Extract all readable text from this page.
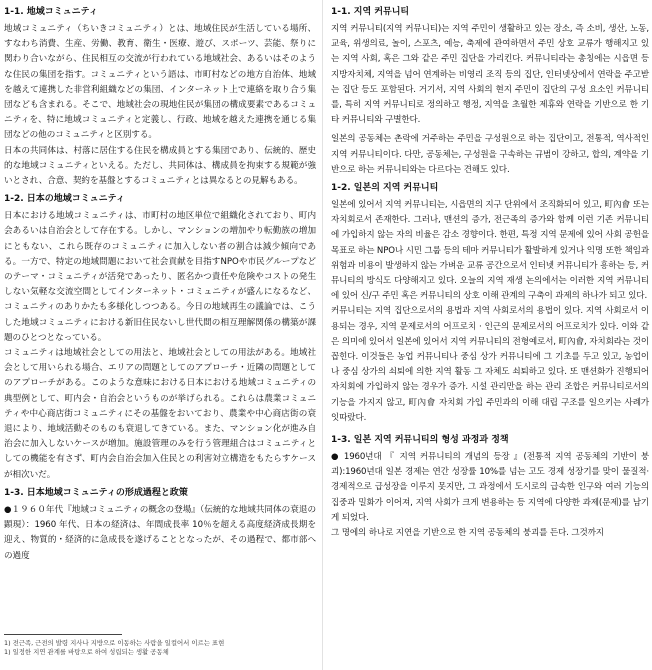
1-1. 地域コミュニティ

地域コミュニティ（ちいきコミュニティ）とは、地域住民が生活している場所、すなわち消費、生産、労働、教育、衛生・医療、遊び、スポーツ、芸能、祭りに関わり合いながら、住民相互の交流が行われている地域社会、あるいはそのような住民の集団を指す。コミュニティという語は、市町村などの地方自治体、地域を越えて連携した非営利組織などの集団、インターネット上で連絡を取り合う集団なども含まれる。そこで、地域社会の現地住民が集団の構成要素であるコミュニティを、特に地域コミュニティと定義し、行政、地域を越えた連携を通じる集団などの他のコミュニティと区別する。

日本の共同体は、村落に居住する住民を構成員とする集団であり、伝統的、歴史的な地域コミュニティといえる。ただし、共同体は、構成員を拘束する規範が強いとされ、合意、契約を基盤とするコミュニティとは異なるとの見解もある。

1-2. 日本の地域コミュニティ

日本における地域コミュニティは、市町村の地区単位で組織化されており、町内会あるいは自治会として存在する。しかし、マンションの増加やり転勤族の増加にともない、これら既存のコミュニティに加入しない者の割合は減少傾向である。一方で、特定の地域問題において社会貢献を目指すNPOや市民グループなどのテーマ・コミュニティが活発であったり、匿名かつ責任や危険やコストの発生しない気軽な交流空間としてインターネット・コミュニティが盛んになるなど、コミュニティのありかたも多様化しつつある。今日の地域再生の議論では、こうした地域コミュニティにおける新旧住民ないし世代間の相互理解関係の構築が課題のひとつとなっている。

コミュニティは地域社会としての用法と、地域社会としての用法がある。地域社会として用いられる場合、エリアの問題としてのアプローチ・近隣の問題としてのアプローチがある。このような意味における日本における地域コミュニティの典型例として、町内会・自治会というものが挙げられる。これらは農業コミュニティや中心商店街コミュニティにその基盤をおいており、農業や中心商店街の衰退により、地域活動そのものも衰退してきている。また、マンション化が進み自治会に加入しないケースが増加。施設管理のみを行う管理組合はコミュニティとしての機能を有さず、町内会自治会加入住民との利害対立構造をもたらすケースが相次いだ。

1-3. 日本地域コミュニティの形成過程と政策

●１９６０年代『地域コミュニティの概念の登場』（伝統的な地域共同体の衰退の顕現）：1960 年代、日本の経済は、年間成長率 10％を超える高度経済成長期を迎え、物質的・経済的に急成長を遂げることとなったが、その過程で、都市部への過度

1) 전근족, 근전의 발령 지사나 지방으로 이동하는 사람을 일컬어서 이르는 표현
1) 일정한 지연 관계를 바탕으로 하여 성립되는 생활 공동체
1-1. 지역 커뮤니티

지역 커뮤니티(지역 커뮤니티)는 지역 주민이 생활하고 있는 장소, 즉 소비, 생산, 노동, 교육, 위생의료, 놀이, 스포츠, 예능, 축제에 관여하면서 주민 상호 교류가 행해지고 있는 지역 사회, 혹은 그와 같은 주민 집단을 가리킨다. 커뮤니티라는 총칭에는 시읍면 등 지방자치체, 지역을 넘어 연계하는 비영리 조직 등의 집단, 인터넷상에서 연락을 주고받는 집단 등도 포함된다. 거기서, 지역 사회의 현지 주민이 집단의 구성 요소인 커뮤니티를, 특히 지역 커뮤니티로 정의하고 행정, 지역을 초월한 제휴와 연락을 기반으로 한 기타 커뮤니티와 구별한다.

일본의 공동체는 촌락에 거주하는 주민을 구성원으로 하는 집단이고, 전통적, 역사적인 지역 커뮤니티이다. 다만, 공동체는, 구성원을 구속하는 규범이 강하고, 합의, 계약을 기반으로 하는 커뮤니티와는 다르다는 견해도 있다.

1-2. 일본의 지역 커뮤니티

일본에 있어서 지역 커뮤니티는, 시읍면의 지구 단위에서 조직화되어 있고, 町內會 또는 자치회로서 존재한다. 그러나, 맨션의 증가, 전근족의 증가와 함께 이런 기존 커뮤니티에 가입하지 않는 자의 비율은 감소 경향이다. 한편, 특정 지역 문제에 있어 사회 공헌을 목표로 하는 NPO나 시민 그룹 등의 테마 커뮤니티가 활발하게 있거나 익명 또한 책임과 위험과 비용이 발생하지 않는 가벼운 교류 공간으로서 인터넷 커뮤니티가 흥하는 등, 커뮤니티의 방식도 다양해지고 있다. 오늘의 지역 재생 논의에서는 이러한 지역 커뮤니티에 있어 신/구 주민 혹은 커뮤니티의 상호 이해 관계의 구축이 과제의 하나가 되고 있다.

커뮤니티는 지역 집단으로서의 용법과 지역 사회로서의 용법이 있다. 지역 사회로서 이용되는 경우, 지역 문제로서의 어프로치 · 인근의 문제로서의 어프로치가 있다. 이와 같은 의미에 있어서 일본에 있어서 지역 커뮤니티의 전형예로서, 町內會, 자치회라는 것이 꼽힌다. 이것들은 농업 커뮤니티나 중심 상가 커뮤니티에 그 기초를 두고 있고, 농업이나 중심 상가의 쇠퇴에 의한 지역 활동 그 자체도 쇠퇴하고 있다. 또 맨션화가 진행되어 자치회에 가입하지 않는 경우가 증가. 시설 관리만을 하는 관리 조합은 커뮤니티로서의 기능을 가지지 않고, 町內會 자치회 가입 주민과의 이해 대립 구조를 일으키는 사례가 잇따랐다.

1-3. 일본 지역 커뮤니티의 형성 과정과 정책

● 1960년대 『 지역 커뮤니티의 개념의 등장 』(전통적 지역 공동체의 기반이 붕괴):1960년대 일본 경제는 연간 성장률 10%를 넘는 고도 경제 성장기를 맞이 물질적·경제적으로 급성장을 이루지 못지만, 그 과정에서 도시로의 급속한 인구와 여러 기능의 집중과 밀화가 이어져, 지역 사회가 크게 변용하는 등 지역에 다양한 과제(문제)를 남기게 되었다.

그 명에의 하나로 지연을 기반으로 한 지역 공동체의 붕괴를 든다. 그것까지
